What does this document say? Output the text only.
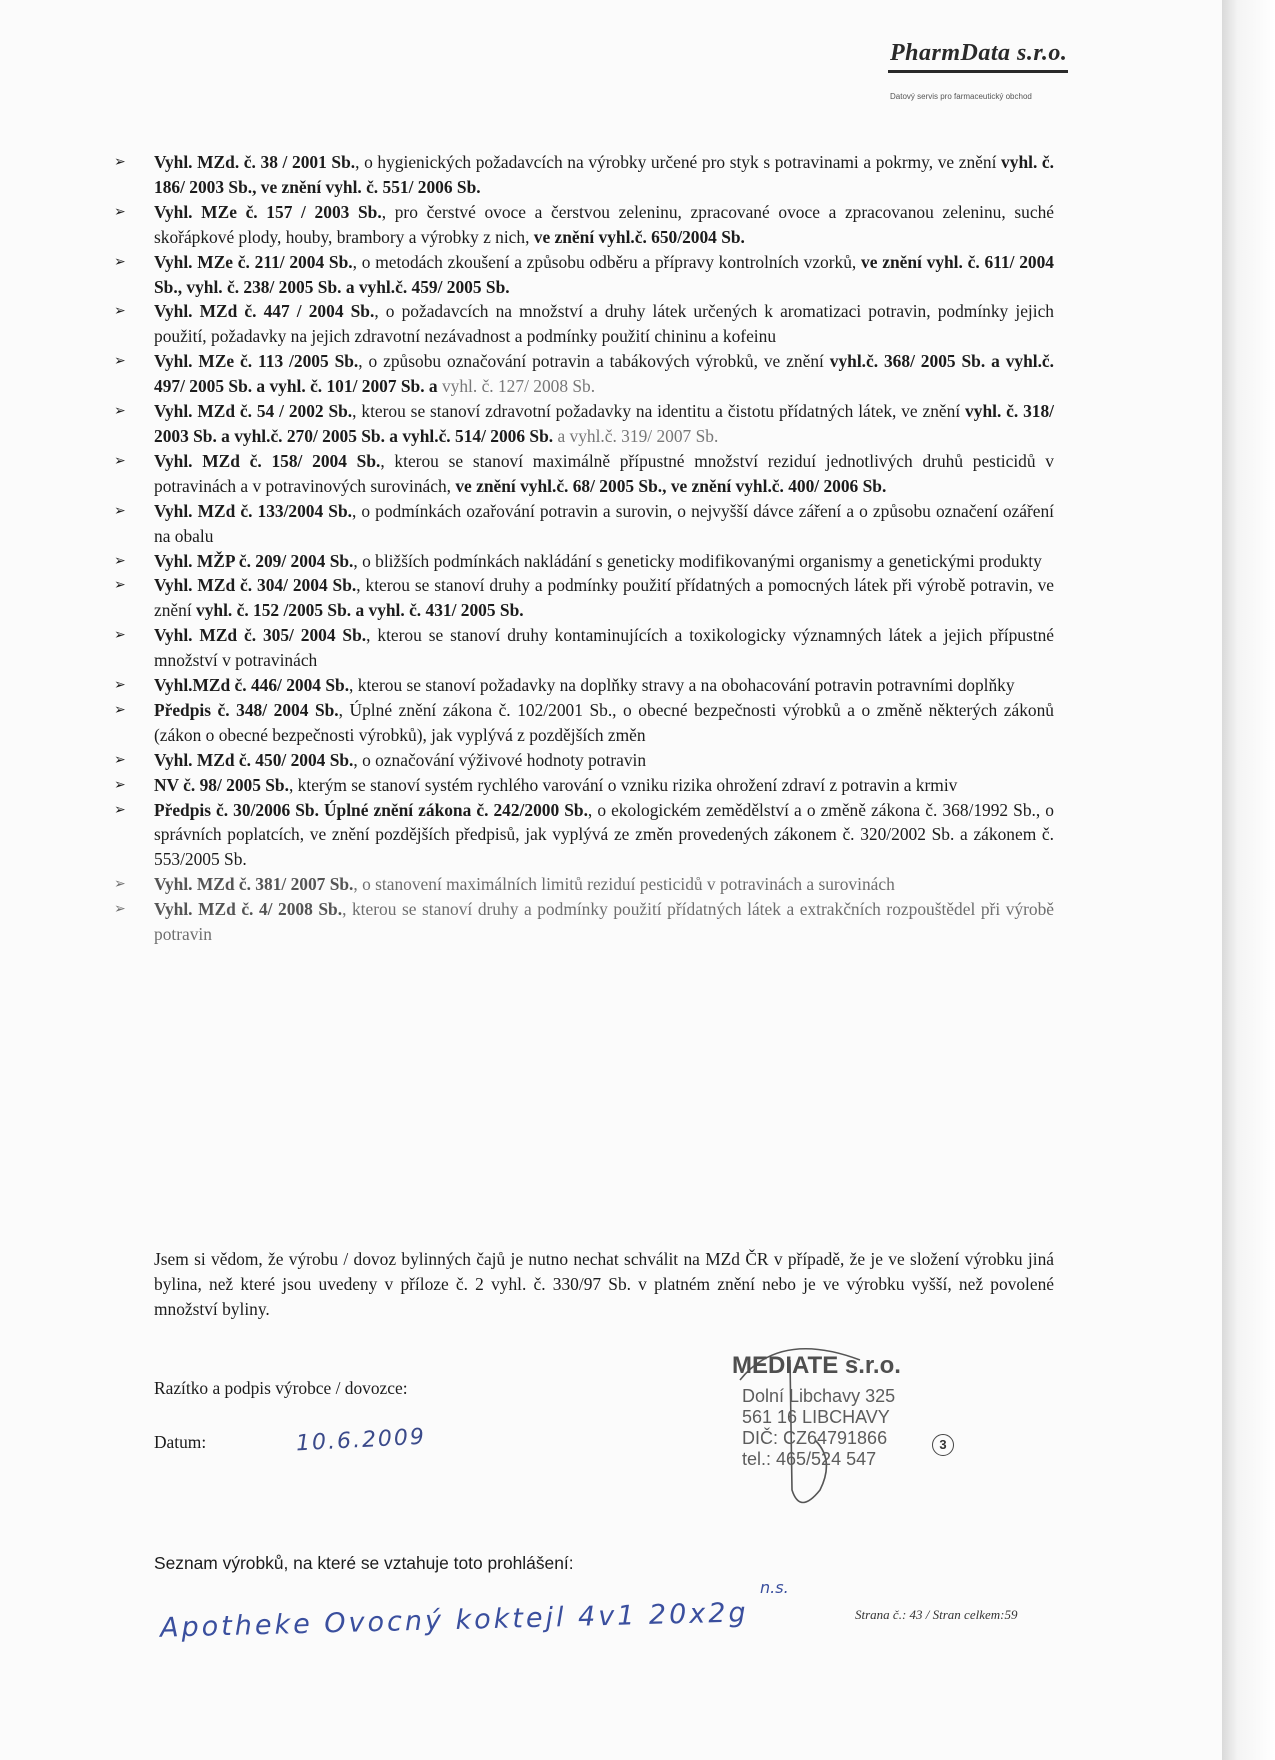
PharmData s.r.o.
Datový servis pro farmaceutický obchod
➢ Vyhl. MZd. č. 38 / 2001 Sb., o hygienických požadavcích na výrobky určené pro styk s potravinami a pokrmy, ve znění vyhl. č. 186/ 2003 Sb., ve znění vyhl. č. 551/ 2006 Sb.
➢ Vyhl. MZe č. 157 / 2003 Sb., pro čerstvé ovoce a čerstvou zeleninu, zpracované ovoce a zpracovanou zeleninu, suché skořápkové plody, houby, brambory a výrobky z nich, ve znění vyhl.č. 650/2004 Sb.
➢ Vyhl. MZe č. 211/ 2004 Sb., o metodách zkoušení a způsobu odběru a přípravy kontrolních vzorků, ve znění vyhl. č. 611/ 2004 Sb., vyhl. č. 238/ 2005 Sb. a vyhl.č. 459/ 2005 Sb.
➢ Vyhl. MZd č. 447 / 2004 Sb., o požadavcích na množství a druhy látek určených k aromatizaci potravin, podmínky jejich použití, požadavky na jejich zdravotní nezávadnost a podmínky použití chininu a kofeinu
➢ Vyhl. MZe č. 113 /2005 Sb., o způsobu označování potravin a tabákových výrobků, ve znění vyhl.č. 368/ 2005 Sb. a vyhl.č. 497/ 2005 Sb. a vyhl. č. 101/ 2007 Sb. a vyhl. č. 127/ 2008 Sb.
➢ Vyhl. MZd č. 54 / 2002 Sb., kterou se stanoví zdravotní požadavky na identitu a čistotu přídatných látek, ve znění vyhl. č. 318/ 2003 Sb. a vyhl.č. 270/ 2005 Sb. a vyhl.č. 514/ 2006 Sb. a vyhl.č. 319/ 2007 Sb.
➢ Vyhl. MZd č. 158/ 2004 Sb., kterou se stanoví maximálně přípustné množství reziduí jednotlivých druhů pesticidů v potravinách a v potravinových surovinách, ve znění vyhl.č. 68/ 2005 Sb., ve znění vyhl.č. 400/ 2006 Sb.
➢ Vyhl. MZd č. 133/2004 Sb., o podmínkách ozařování potravin a surovin, o nejvyšší dávce záření a o způsobu označení ozáření na obalu
➢ Vyhl. MŽP č. 209/ 2004 Sb., o bližších podmínkách nakládání s geneticky modifikovanými organismy a genetickými produkty
➢ Vyhl. MZd č. 304/ 2004 Sb., kterou se stanoví druhy a podmínky použití přídatných a pomocných látek při výrobě potravin, ve znění vyhl. č. 152 /2005 Sb. a vyhl. č. 431/ 2005 Sb.
➢ Vyhl. MZd č. 305/ 2004 Sb., kterou se stanoví druhy kontaminujících a toxikologicky významných látek a jejich přípustné množství v potravinách
➢ Vyhl.MZd č. 446/ 2004 Sb., kterou se stanoví požadavky na doplňky stravy a na obohacování potravin potravními doplňky
➢ Předpis č. 348/ 2004 Sb., Úplné znění zákona č. 102/2001 Sb., o obecné bezpečnosti výrobků a o změně některých zákonů (zákon o obecné bezpečnosti výrobků), jak vyplývá z pozdějších změn
➢ Vyhl. MZd č. 450/ 2004 Sb., o označování výživové hodnoty potravin
➢ NV č. 98/ 2005 Sb., kterým se stanoví systém rychlého varování o vzniku rizika ohrožení zdraví z potravin a krmiv
➢ Předpis č. 30/2006 Sb. Úplné znění zákona č. 242/2000 Sb., o ekologickém zemědělství a o změně zákona č. 368/1992 Sb., o správních poplatcích, ve znění pozdějších předpisů, jak vyplývá ze změn provedených zákonem č. 320/2002 Sb. a zákonem č. 553/2005 Sb.
➢ Vyhl. MZd č. 381/ 2007 Sb., o stanovení maximálních limitů reziduí pesticidů v potravinách a surovinách
➢ Vyhl. MZd č. 4/ 2008 Sb., kterou se stanoví druhy a podmínky použití přídatných látek a extrakčních rozpouštědel při výrobě potravin
Jsem si vědom, že výrobu / dovoz bylinných čajů je nutno nechat schválit na MZd ČR v případě, že je ve složení výrobku jiná bylina, než které jsou uvedeny v příloze č. 2 vyhl. č. 330/97 Sb. v platném znění nebo je ve výrobku vyšší, než povolené množství byliny.
Razítko a podpis výrobce / dovozce:
Datum:	10.6.2009
MEDIATE s.r.o.
Dolní Libchavy 325
561 16 LIBCHAVY
DIČ: CZ64791866
tel.: 465/524 547
3
Seznam výrobků, na které se vztahuje toto prohlášení:
Apotheke Ovocný koktejl 4v1 20x2g
n.s.
Strana č.: 43 / Stran celkem:59
